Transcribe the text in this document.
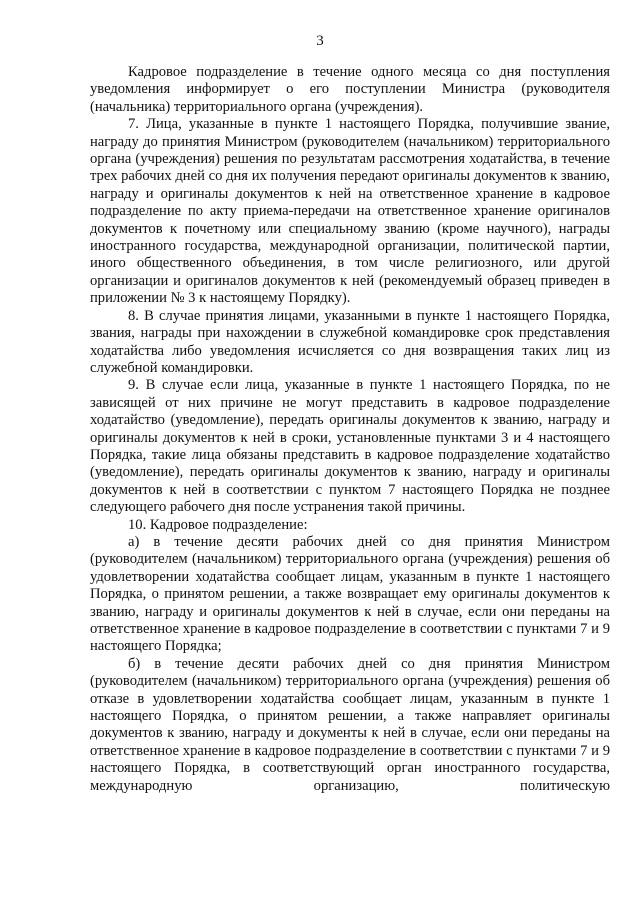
3

Кадровое подразделение в течение одного месяца со дня поступления уведомления информирует о его поступлении Министра (руководителя (начальника) территориального органа (учреждения).

7. Лица, указанные в пункте 1 настоящего Порядка, получившие звание, награду до принятия Министром (руководителем (начальником) территориального органа (учреждения) решения по результатам рассмотрения ходатайства, в течение трех рабочих дней со дня их получения передают оригиналы документов к званию, награду и оригиналы документов к ней на ответственное хранение в кадровое подразделение по акту приема-передачи на ответственное хранение оригиналов документов к почетному или специальному званию (кроме научного), награды иностранного государства, международной организации, политической партии, иного общественного объединения, в том числе религиозного, или другой организации и оригиналов документов к ней (рекомендуемый образец приведен в приложении № 3 к настоящему Порядку).

8. В случае принятия лицами, указанными в пункте 1 настоящего Порядка, звания, награды при нахождении в служебной командировке срок представления ходатайства либо уведомления исчисляется со дня возвращения таких лиц из служебной командировки.

9. В случае если лица, указанные в пункте 1 настоящего Порядка, по не зависящей от них причине не могут представить в кадровое подразделение ходатайство (уведомление), передать оригиналы документов к званию, награду и оригиналы документов к ней в сроки, установленные пунктами 3 и 4 настоящего Порядка, такие лица обязаны представить в кадровое подразделение ходатайство (уведомление), передать оригиналы документов к званию, награду и оригиналы документов к ней в соответствии с пунктом 7 настоящего Порядка не позднее следующего рабочего дня после устранения такой причины.

10. Кадровое подразделение:

а) в течение десяти рабочих дней со дня принятия Министром (руководителем (начальником) территориального органа (учреждения) решения об удовлетворении ходатайства сообщает лицам, указанным в пункте 1 настоящего Порядка, о принятом решении, а также возвращает ему оригиналы документов к званию, награду и оригиналы документов к ней в случае, если они переданы на ответственное хранение в кадровое подразделение в соответствии с пунктами 7 и 9 настоящего Порядка;

б) в течение десяти рабочих дней со дня принятия Министром (руководителем (начальником) территориального органа (учреждения) решения об отказе в удовлетворении ходатайства сообщает лицам, указанным в пункте 1 настоящего Порядка, о принятом решении, а также направляет оригиналы документов к званию, награду и документы к ней в случае, если они переданы на ответственное хранение в кадровое подразделение в соответствии с пунктами 7 и 9 настоящего Порядка, в соответствующий орган иностранного государства, международную организацию, политическую
